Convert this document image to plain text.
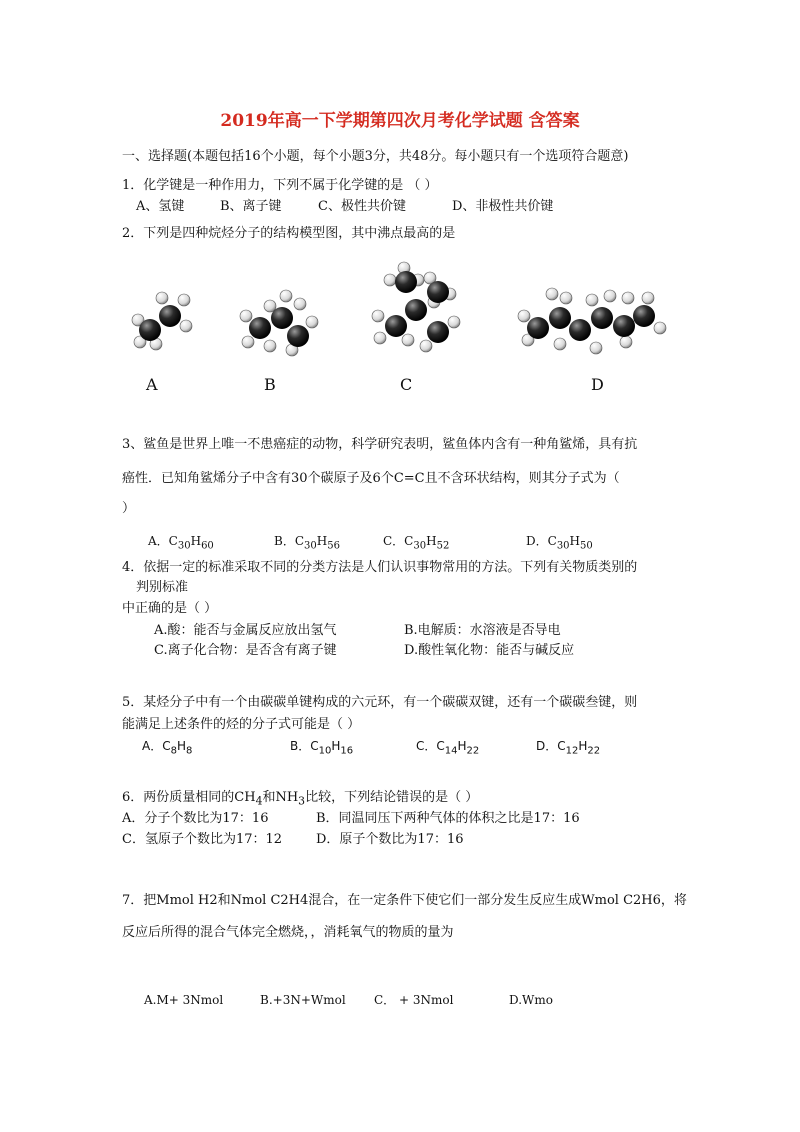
2019年高一下学期第四次月考化学试题 含答案
一、选择题(本题包括16个小题，每个小题3分，共48分。每小题只有一个选项符合题意)
1．化学键是一种作用力，下列不属于化学键的是 （ ）
A、氢键	B、离子键	C、极性共价键	D、非极性共价键
2．下列是四种烷烃分子的结构模型图，其中沸点最高的是
A	B	C	D
3、鲨鱼是世界上唯一不患癌症的动物，科学研究表明，鲨鱼体内含有一种角鲨烯，具有抗
癌性．已知角鲨烯分子中含有30个碳原子及6个C=C且不含环状结构，则其分子式为（
）
A．$C_{30}H_{60}$	B．$C_{30}H_{56}$	C．$C_{30}H_{52}$	D．$C_{30}H_{50}$
4．依据一定的标准采取不同的分类方法是人们认识事物常用的方法。下列有关物质类别的
判别标准
中正确的是（ ）
A.酸：能否与金属反应放出氢气	B.电解质：水溶液是否导电
C.离子化合物：是否含有离子键	D.酸性氧化物：能否与碱反应
5．某烃分子中有一个由碳碳单键构成的六元环，有一个碳碳双键，还有一个碳碳叁键，则
能满足上述条件的烃的分子式可能是（ ）
A．$C_8H_8$	B．$C_{10}H_{16}$	C．$C_{14}H_{22}$	D．$C_{12}H_{22}$
6．两份质量相同的$CH_4$和$NH_3$比较，下列结论错误的是（ ）
A．分子个数比为17：16	B．同温同压下两种气体的体积之比是17：16
C．氢原子个数比为17：12	D．原子个数比为17：16
7．把Mmol H2和Nmol C2H4混合，在一定条件下使它们一部分发生反应生成Wmol C2H6，将
反应后所得的混合气体完全燃烧，，消耗氧气的物质的量为
A.M+ 3Nmol	B.+3N+Wmol C． + 3Nmol	D.Wmo
